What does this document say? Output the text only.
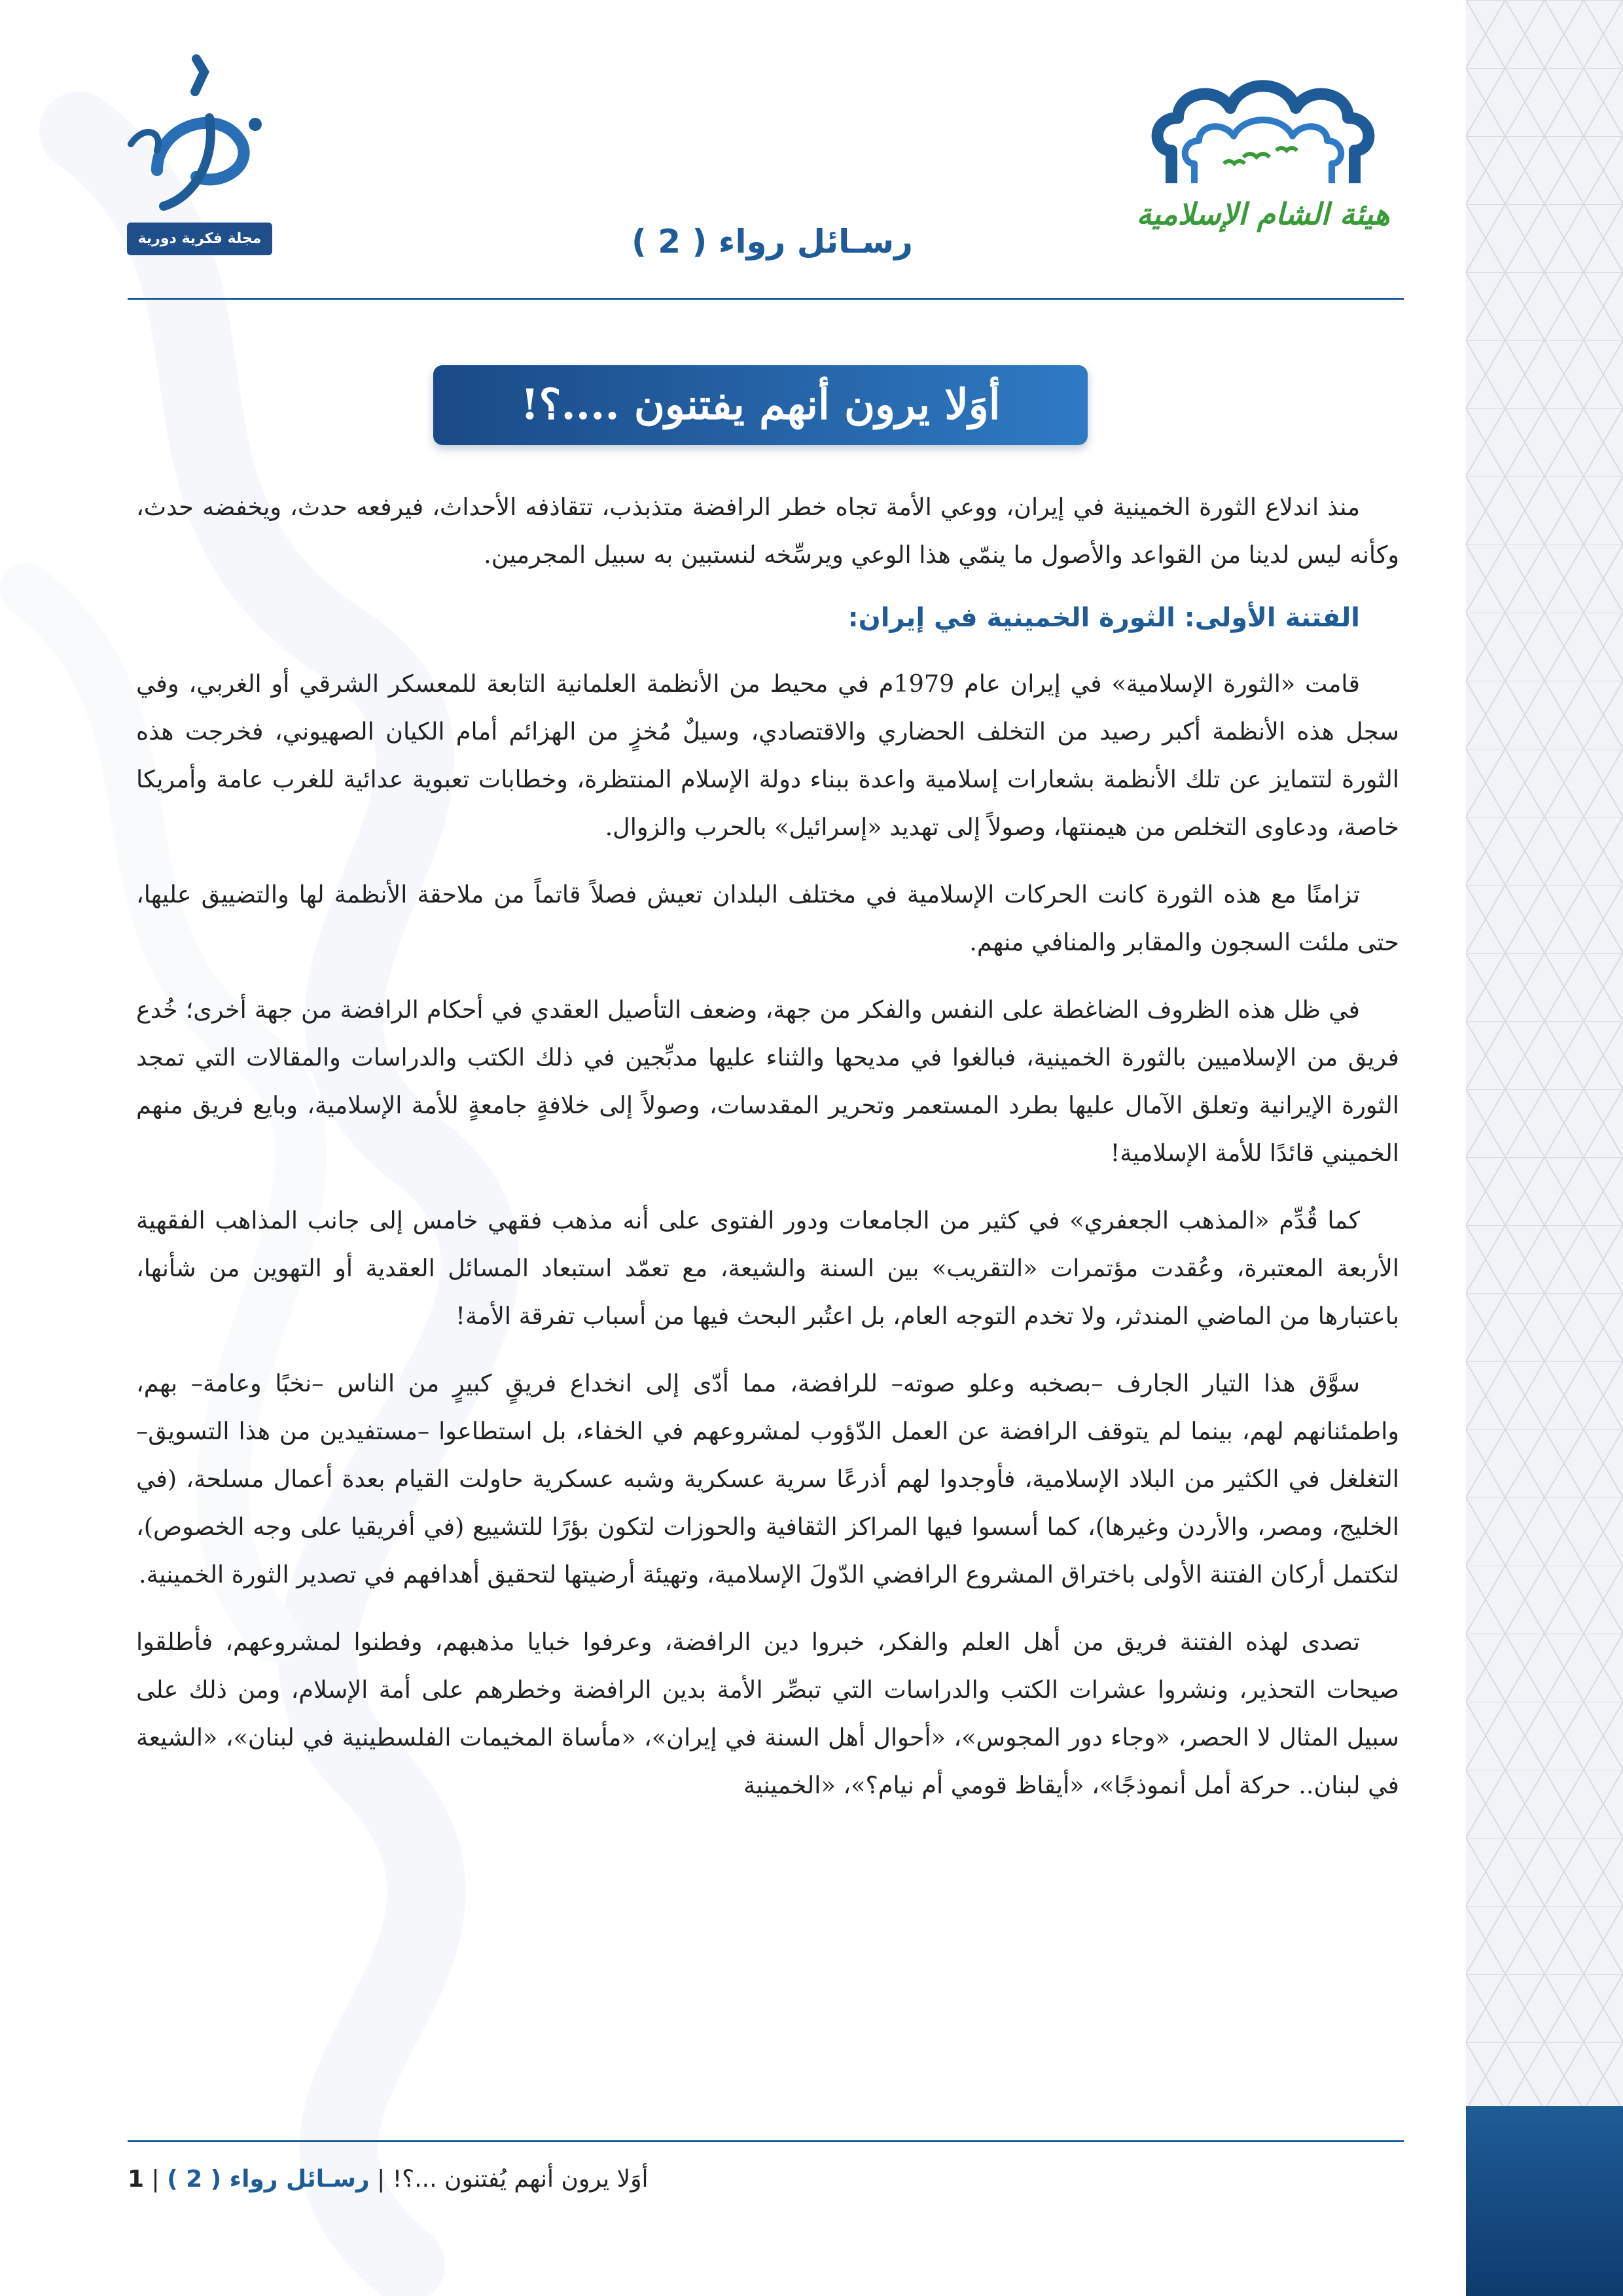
مجلة فكرية دورية
هيئة الشام الإسلامية
رسـائل رواء ( 2 )
أوَلا يرون أنهم يفتنون ....؟!

منذ اندلاع الثورة الخمينية في إيران، ووعي الأمة تجاه خطر الرافضة متذبذب، تتقاذفه الأحداث، فيرفعه حدث، ويخفضه حدث، وكأنه ليس لدينا من القواعد والأصول ما ينمّي هذا الوعي ويرسِّخه لنستبين به سبيل المجرمين.

الفتنة الأولى: الثورة الخمينية في إيران:

قامت «الثورة الإسلامية» في إيران عام 1979م في محيط من الأنظمة العلمانية التابعة للمعسكر الشرقي أو الغربي، وفي سجل هذه الأنظمة أكبر رصيد من التخلف الحضاري والاقتصادي، وسيلٌ مُخزٍ من الهزائم أمام الكيان الصهيوني، فخرجت هذه الثورة لتتمايز عن تلك الأنظمة بشعارات إسلامية واعدة ببناء دولة الإسلام المنتظرة، وخطابات تعبوية عدائية للغرب عامة وأمريكا خاصة، ودعاوى التخلص من هيمنتها، وصولاً إلى تهديد «إسرائيل» بالحرب والزوال.

تزامنًا مع هذه الثورة كانت الحركات الإسلامية في مختلف البلدان تعيش فصلاً قاتماً من ملاحقة الأنظمة لها والتضييق عليها، حتى ملئت السجون والمقابر والمنافي منهم.

في ظل هذه الظروف الضاغطة على النفس والفكر من جهة، وضعف التأصيل العقدي في أحكام الرافضة من جهة أخرى؛ خُدع فريق من الإسلاميين بالثورة الخمينية، فبالغوا في مديحها والثناء عليها مدبِّجين في ذلك الكتب والدراسات والمقالات التي تمجد الثورة الإيرانية وتعلق الآمال عليها بطرد المستعمر وتحرير المقدسات، وصولاً إلى خلافةٍ جامعةٍ للأمة الإسلامية، وبايع فريق منهم الخميني قائدًا للأمة الإسلامية!

كما قُدِّم «المذهب الجعفري» في كثير من الجامعات ودور الفتوى على أنه مذهب فقهي خامس إلى جانب المذاهب الفقهية الأربعة المعتبرة، وعُقدت مؤتمرات «التقريب» بين السنة والشيعة، مع تعمّد استبعاد المسائل العقدية أو التهوين من شأنها، باعتبارها من الماضي المندثر، ولا تخدم التوجه العام، بل اعتُبر البحث فيها من أسباب تفرقة الأمة!

سوَّق هذا التيار الجارف –بصخبه وعلو صوته– للرافضة، مما أدّى إلى انخداع فريقٍ كبيرٍ من الناس –نخبًا وعامة– بهم، واطمئنانهم لهم، بينما لم يتوقف الرافضة عن العمل الدّؤوب لمشروعهم في الخفاء، بل استطاعوا –مستفيدين من هذا التسويق– التغلغل في الكثير من البلاد الإسلامية، فأوجدوا لهم أذرعًا سرية عسكرية وشبه عسكرية حاولت القيام بعدة أعمال مسلحة، (في الخليج، ومصر، والأردن وغيرها)، كما أسسوا فيها المراكز الثقافية والحوزات لتكون بؤرًا للتشييع (في أفريقيا على وجه الخصوص)، لتكتمل أركان الفتنة الأولى باختراق المشروع الرافضي الدّولَ الإسلامية، وتهيئة أرضيتها لتحقيق أهدافهم في تصدير الثورة الخمينية.

تصدى لهذه الفتنة فريق من أهل العلم والفكر، خبروا دين الرافضة، وعرفوا خبايا مذهبهم، وفطنوا لمشروعهم، فأطلقوا صيحات التحذير، ونشروا عشرات الكتب والدراسات التي تبصِّر الأمة بدين الرافضة وخطرهم على أمة الإسلام، ومن ذلك على سبيل المثال لا الحصر، «وجاء دور المجوس»، «أحوال أهل السنة في إيران»، «مأساة المخيمات الفلسطينية في لبنان»، «الشيعة في لبنان.. حركة أمل أنموذجًا»، «أيقاظ قومي أم نيام؟»، «الخمينية

أوَلا يرون أنهم يُفتنون ...؟! | رسـائل رواء ( 2 ) | 1
